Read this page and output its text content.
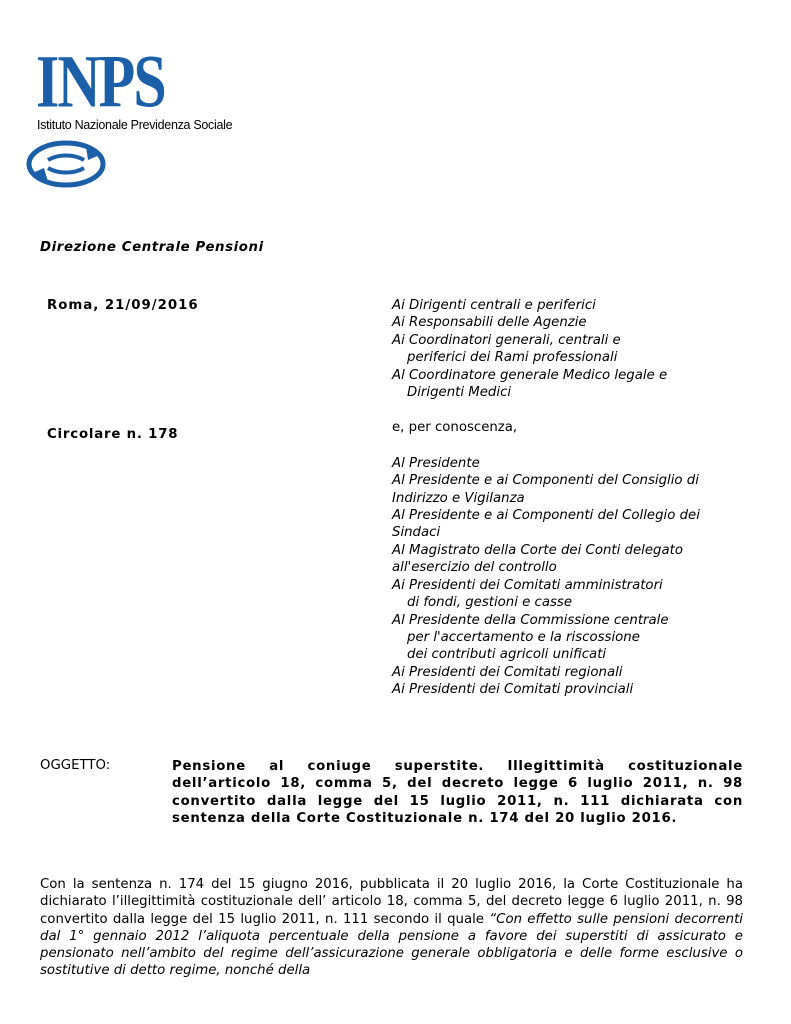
INPS
Istituto Nazionale Previdenza Sociale
Direzione Centrale Pensioni
Roma, 21/09/2016
Circolare n. 178
Ai Dirigenti centrali e periferici
Ai Responsabili delle Agenzie
Ai Coordinatori generali, centrali e
periferici dei Rami professionali
Al Coordinatore generale Medico legale e
Dirigenti Medici
e, per conoscenza,
Al Presidente
Al Presidente e ai Componenti del Consiglio di
Indirizzo e Vigilanza
Al Presidente e ai Componenti del Collegio dei
Sindaci
Al Magistrato della Corte dei Conti delegato
all'esercizio del controllo
Ai Presidenti dei Comitati amministratori
di fondi, gestioni e casse
Al Presidente della Commissione centrale
per l'accertamento e la riscossione
dei contributi agricoli unificati
Ai Presidenti dei Comitati regionali
Ai Presidenti dei Comitati provinciali
OGGETTO:	Pensione al coniuge superstite. Illegittimità costituzionale dell’articolo 18, comma 5, del decreto legge 6 luglio 2011, n. 98 convertito dalla legge del 15 luglio 2011, n. 111 dichiarata con sentenza della Corte Costituzionale n. 174 del 20 luglio 2016.
Con la sentenza n. 174 del 15 giugno 2016, pubblicata il 20 luglio 2016, la Corte Costituzionale ha dichiarato l’illegittimità costituzionale dell’ articolo 18, comma 5, del decreto legge 6 luglio 2011, n. 98 convertito dalla legge del 15 luglio 2011, n. 111 secondo il quale “Con effetto sulle pensioni decorrenti dal 1° gennaio 2012 l’aliquota percentuale della pensione a favore dei superstiti di assicurato e pensionato nell’ambito del regime dell’assicurazione generale obbligatoria e delle forme esclusive o sostitutive di detto regime, nonché della
